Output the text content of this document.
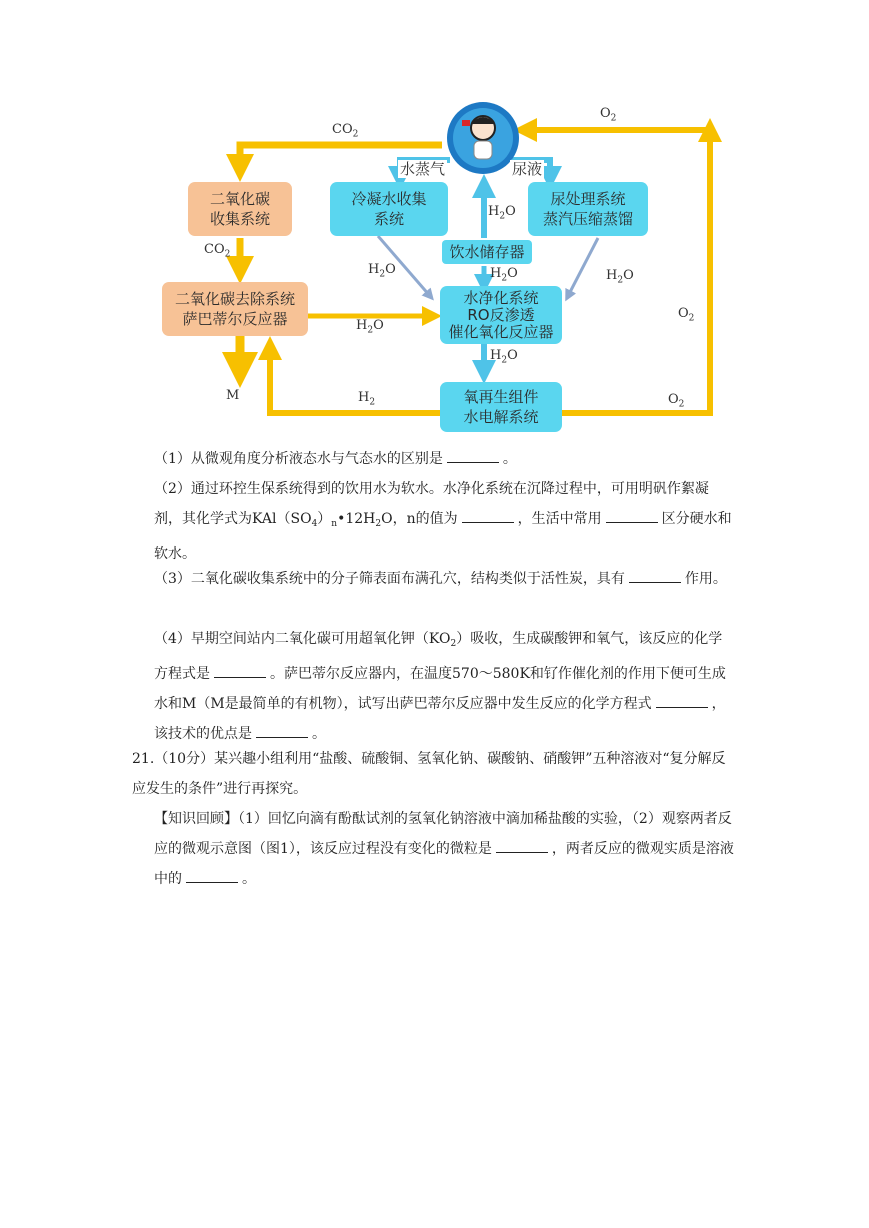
二氧化碳
收集系统
二氧化碳去除系统
萨巴蒂尔反应器
冷凝水收集
系统
尿处理系统
蒸汽压缩蒸馏
饮水储存器
水净化系统
RO反渗透
催化氧化反应器
氧再生组件
水电解系统
水蒸气	尿液
$CO_2$
$CO_2$
$O_2$
$O_2$
$O_2$
$H_2$
M
$H_2O$
$H_2O$	$H_2O$
$H_2O$
$H_2O$
$H_2O$

（1）从微观角度分析液态水与气态水的区别是	。

（2）通过环控生保系统得到的饮用水为软水。水净化系统在沉降过程中，可用明矾作絮凝剂，其化学式为$KAl(SO_4)_n•12H_2O$，n的值为	，生活中常用	区分硬水和软水。

（3）二氧化碳收集系统中的分子筛表面布满孔穴，结构类似于活性炭，具有	作用。

（4）早期空间站内二氧化碳可用超氧化钾$(KO_2)$吸收，生成碳酸钾和氧气，该反应的化学方程式是	。萨巴蒂尔反应器内，在温度570～580K和钌作催化剂的作用下便可生成水和M（M是最简单的有机物），试写出萨巴蒂尔反应器中发生反应的化学方程式	，该技术的优点是	。

21.（10分）某兴趣小组利用“盐酸、硫酸铜、氢氧化钠、碳酸钠、硝酸钾”五种溶液对“复分解反应发生的条件”进行再探究。

【知识回顾】（1）回忆向滴有酚酞试剂的氢氧化钠溶液中滴加稀盐酸的实验，（2）观察两者反应的微观示意图（图1），该反应过程没有变化的微粒是	，两者反应的微观实质是溶液中的	。
